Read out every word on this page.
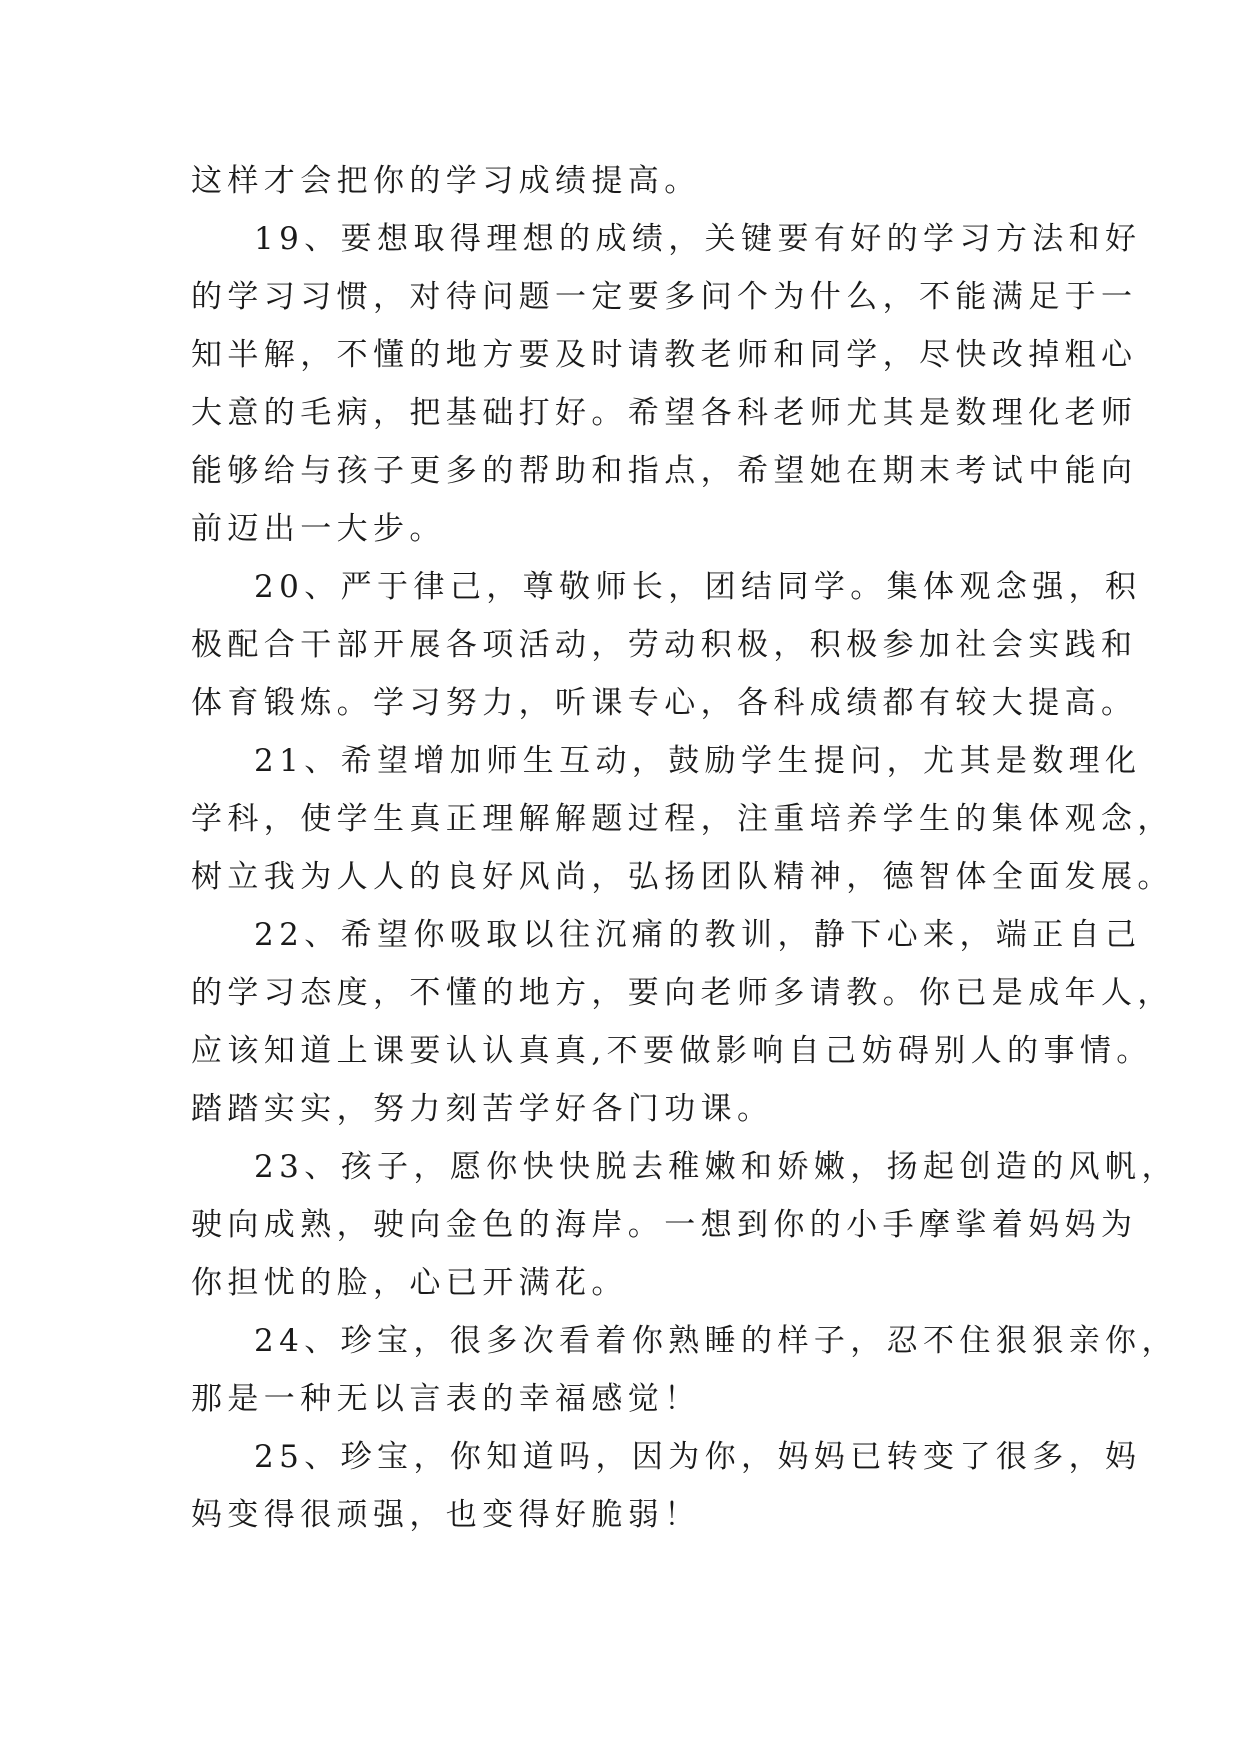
这样才会把你的学习成绩提高。
19、要想取得理想的成绩，关键要有好的学习方法和好
的学习习惯，对待问题一定要多问个为什么，不能满足于一
知半解，不懂的地方要及时请教老师和同学，尽快改掉粗心
大意的毛病，把基础打好。希望各科老师尤其是数理化老师
能够给与孩子更多的帮助和指点，希望她在期末考试中能向
前迈出一大步。
20、严于律己，尊敬师长，团结同学。集体观念强，积
极配合干部开展各项活动，劳动积极，积极参加社会实践和
体育锻炼。学习努力，听课专心，各科成绩都有较大提高。
21、希望增加师生互动，鼓励学生提问，尤其是数理化
学科，使学生真正理解解题过程，注重培养学生的集体观念，
树立我为人人的良好风尚，弘扬团队精神，德智体全面发展。
22、希望你吸取以往沉痛的教训，静下心来，端正自己
的学习态度，不懂的地方，要向老师多请教。你已是成年人，
应该知道上课要认认真真,不要做影响自己妨碍别人的事情。
踏踏实实，努力刻苦学好各门功课。
23、孩子，愿你快快脱去稚嫩和娇嫩，扬起创造的风帆，
驶向成熟，驶向金色的海岸。一想到你的小手摩挲着妈妈为
你担忧的脸，心已开满花。
24、珍宝，很多次看着你熟睡的样子，忍不住狠狠亲你，
那是一种无以言表的幸福感觉！
25、珍宝，你知道吗，因为你，妈妈已转变了很多，妈
妈变得很顽强，也变得好脆弱！
